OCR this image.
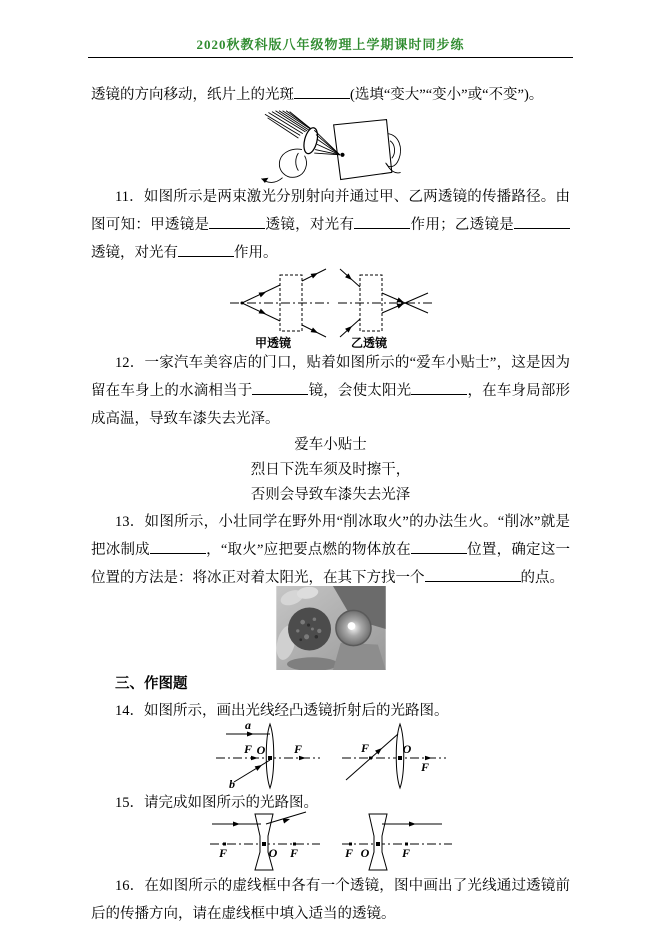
2020秋教科版八年级物理上学期课时同步练

透镜的方向移动，纸片上的光斑	(选填“变大”“变小”或“不变”)。

11．如图所示是两束激光分别射向并通过甲、乙两透镜的传播路径。由图可知：甲透镜是	透镜，对光有	作用；乙透镜是透镜，对光有	作用。

甲透镜	乙透镜

12．一家汽车美容店的门口，贴着如图所示的“爱车小贴士”，这是因为留在车身上的水滴相当于	镜，会使太阳光	，在车身局部形成高温，导致车漆失去光泽。

爱车小贴士

烈日下洗车须及时擦干，

否则会导致车漆失去光泽

13．如图所示，小壮同学在野外用“削冰取火”的办法生火。“削冰”就是把冰制成	，“取火”应把要点燃的物体放在	位置，确定这一位置的方法是：将冰正对着太阳光，在其下方找一个	的点。

三、作图题

14．如图所示，画出光线经凸透镜折射后的光路图。

a
b
F O F	F	O
F

15．请完成如图所示的光路图。

F	O F	F O	F

16．在如图所示的虚线框中各有一个透镜，图中画出了光线通过透镜前后的传播方向，请在虚线框中填入适当的透镜。
